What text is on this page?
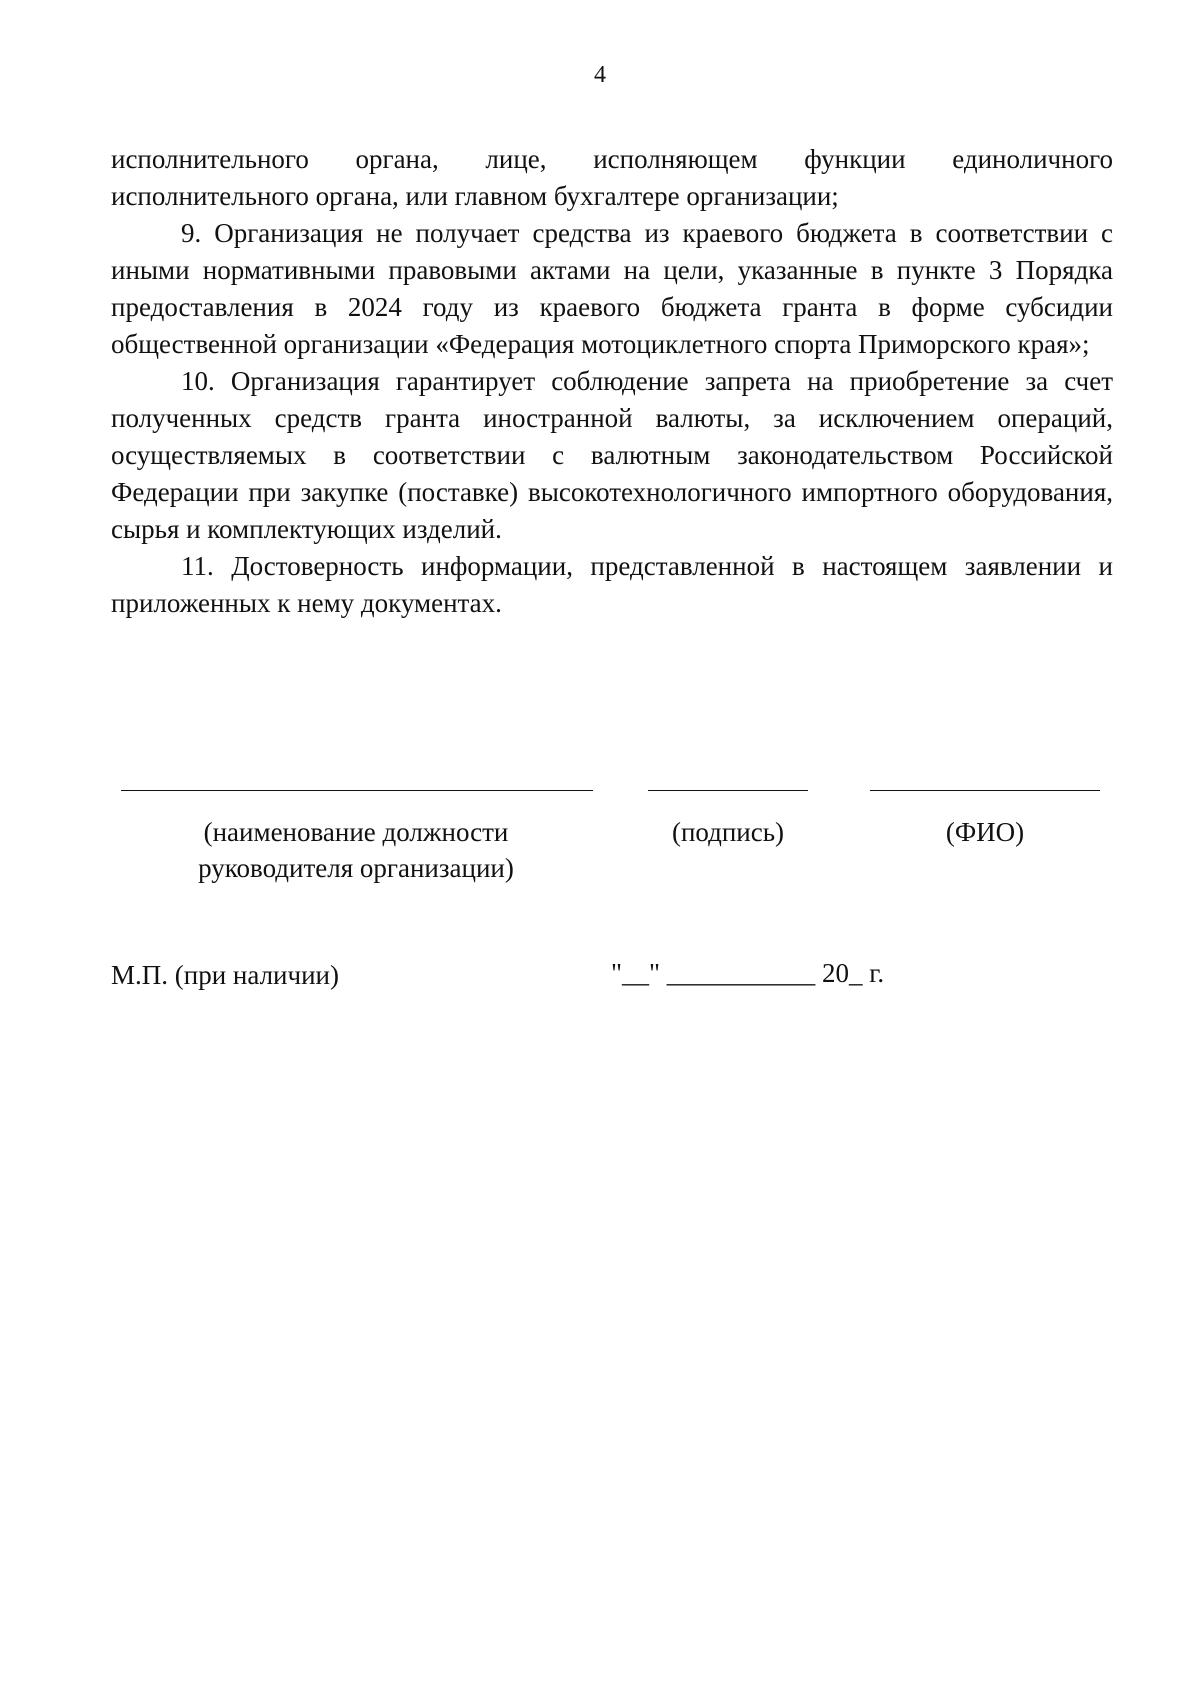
4

исполнительного органа, лице, исполняющем функции единоличного исполнительного органа, или главном бухгалтере организации;

9. Организация не получает средства из краевого бюджета в соответствии с иными нормативными правовыми актами на цели, указанные в пункте 3 Порядка предоставления в 2024 году из краевого бюджета гранта в форме субсидии общественной организации «Федерация мотоциклетного спорта Приморского края»;

10. Организация гарантирует соблюдение запрета на приобретение за счет полученных средств гранта иностранной валюты, за исключением операций, осуществляемых в соответствии с валютным законодательством Российской Федерации при закупке (поставке) высокотехнологичного импортного оборудования, сырья и комплектующих изделий.

11. Достоверность информации, представленной в настоящем заявлении и приложенных к нему документах.

(наименование должности
руководителя организации)
(подпись)	(ФИО)
М.П. (при наличии)	"__" ___________ 20_ г.
